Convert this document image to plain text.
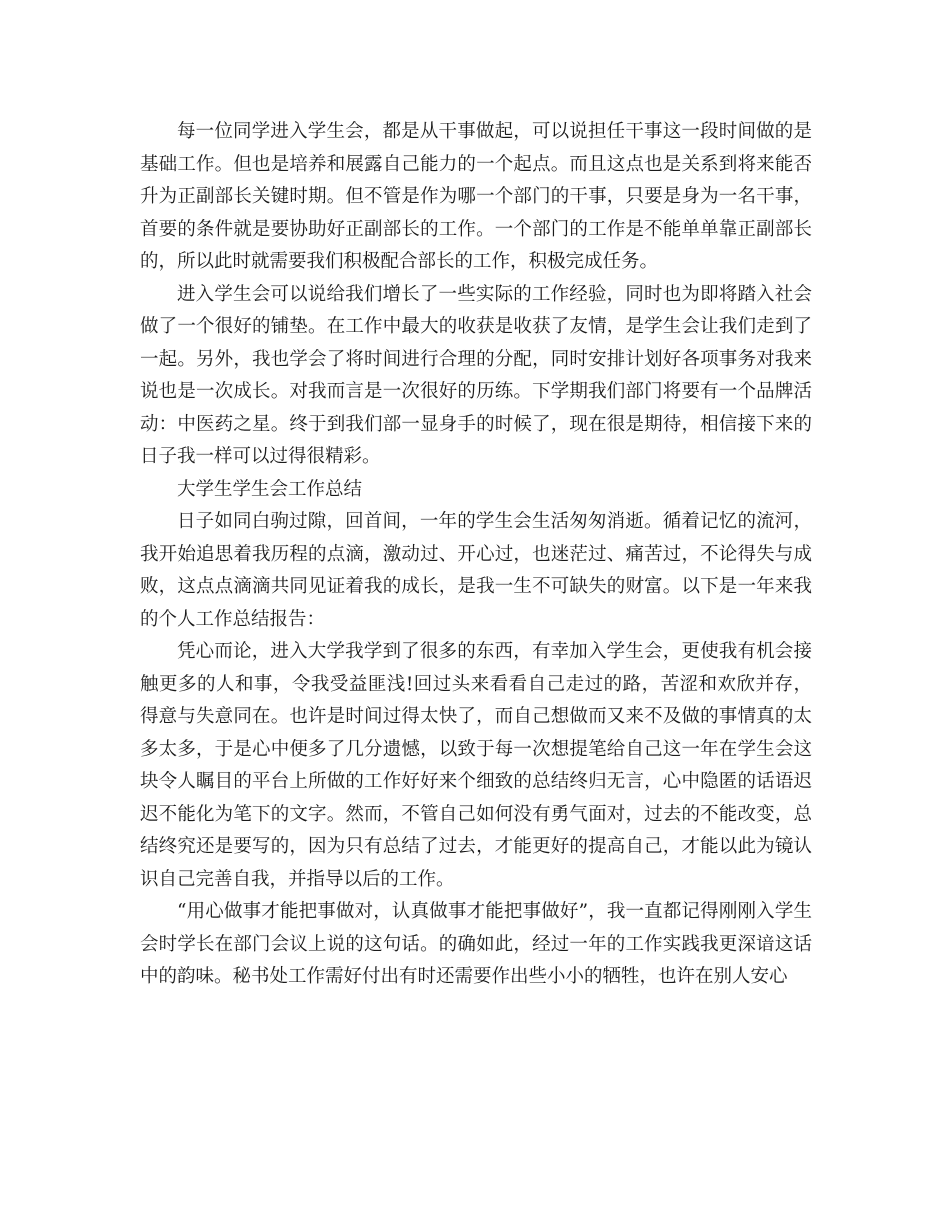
每一位同学进入学生会，都是从干事做起，可以说担任干事这一段时间做的是基础工作。但也是培养和展露自己能力的一个起点。而且这点也是关系到将来能否升为正副部长关键时期。但不管是作为哪一个部门的干事，只要是身为一名干事，首要的条件就是要协助好正副部长的工作。一个部门的工作是不能单单靠正副部长的，所以此时就需要我们积极配合部长的工作，积极完成任务。

进入学生会可以说给我们增长了一些实际的工作经验，同时也为即将踏入社会做了一个很好的铺垫。在工作中最大的收获是收获了友情，是学生会让我们走到了一起。另外，我也学会了将时间进行合理的分配，同时安排计划好各项事务对我来说也是一次成长。对我而言是一次很好的历练。下学期我们部门将要有一个品牌活动：中医药之星。终于到我们部一显身手的时候了，现在很是期待，相信接下来的日子我一样可以过得很精彩。

大学生学生会工作总结

日子如同白驹过隙，回首间，一年的学生会生活匆匆消逝。循着记忆的流河，我开始追思着我历程的点滴，激动过、开心过，也迷茫过、痛苦过，不论得失与成败，这点点滴滴共同见证着我的成长，是我一生不可缺失的财富。以下是一年来我的个人工作总结报告：

凭心而论，进入大学我学到了很多的东西，有幸加入学生会，更使我有机会接触更多的人和事，令我受益匪浅!回过头来看看自己走过的路，苦涩和欢欣并存，得意与失意同在。也许是时间过得太快了，而自己想做而又来不及做的事情真的太多太多，于是心中便多了几分遗憾，以致于每一次想提笔给自己这一年在学生会这块令人瞩目的平台上所做的工作好好来个细致的总结终归无言，心中隐匿的话语迟迟不能化为笔下的文字。然而，不管自己如何没有勇气面对，过去的不能改变，总结终究还是要写的，因为只有总结了过去，才能更好的提高自己，才能以此为镜认识自己完善自我，并指导以后的工作。

“用心做事才能把事做对，认真做事才能把事做好”，我一直都记得刚刚入学生会时学长在部门会议上说的这句话。的确如此，经过一年的工作实践我更深谙这话中的韵味。秘书处工作需好付出有时还需要作出些小小的牺牲，也许在别人安心
